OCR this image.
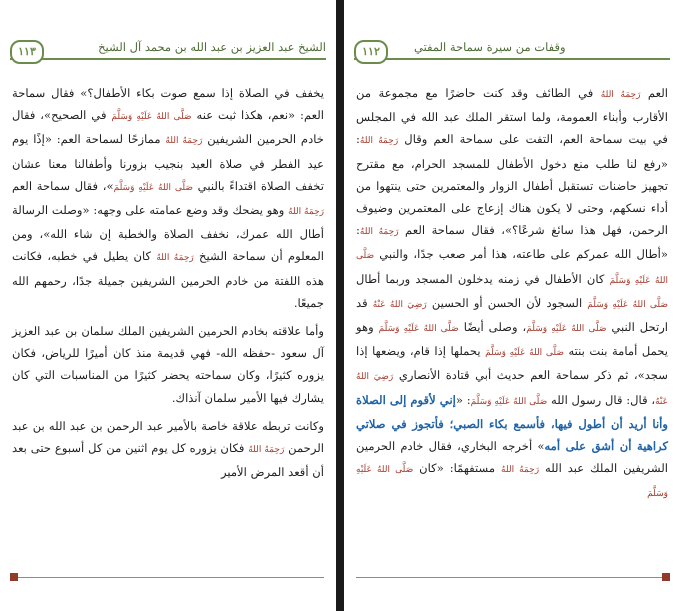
١١٣	الشيخ عبد العزيز بن عبد الله بن محمد آل الشيخ

يخفف في الصلاة إذا سمع صوت بكاء الأطفال؟» فقال سماحة العم: «نعم، هكذا ثبت عنه صَلَّى اللهُ عَلَيْهِ وَسَلَّمَ في الصحيح»، فقال خادم الحرمين الشريفين رَحِمَهُ اللهُ ممازحًا لسماحة العم: «إذًا يوم عيد الفطر في صلاة العيد بنجيب بزورنا وأطفالنا معنا عشان تخفف الصلاة اقتداءً بالنبي صَلَّى اللهُ عَلَيْهِ وَسَلَّمَ»، فقال سماحة العم رَحِمَهُ اللهُ وهو يضحك وقد وضع عمامته على وجهه: «وصلت الرسالة أطال الله عمرك، نخفف الصلاة والخطبة إن شاء الله»، ومن المعلوم أن سماحة الشيخ رَحِمَهُ اللهُ كان يطيل في خطبه، فكانت هذه اللفتة من خادم الحرمين الشريفين جميلة جدًا، رحمهم الله جميعًا.

وأما علاقته بخادم الحرمين الشريفين الملك سلمان بن عبد العزيز آل سعود -حفظه الله- فهي قديمة منذ كان أميرًا للرياض، فكان يزوره كثيرًا، وكان سماحته يحضر كثيرًا من المناسبات التي كان يشارك فيها الأمير سلمان آنذاك.

وكانت تربطه علاقة خاصة بالأمير عبد الرحمن بن عبد الله بن عبد الرحمن رَحِمَهُ اللهُ فكان يزوره كل يوم اثنين من كل أسبوع حتى بعد أن أقعد المرض الأمير

١١٢	وقفات من سيرة سماحة المفتي

العم رَحِمَهُ اللهُ في الطائف وقد كنت حاضرًا مع مجموعة من الأقارب وأبناء العمومة، ولما استقر الملك عبد الله في المجلس في بيت سماحة العم، التفت على سماحة العم وقال رَحِمَهُ اللهُ: «رفع لنا طلب منع دخول الأطفال للمسجد الحرام، مع مقترح تجهيز حاضنات تستقبل أطفال الزوار والمعتمرين حتى ينتهوا من أداء نسكهم، وحتى لا يكون هناك إزعاج على المعتمرين وضيوف الرحمن، فهل هذا سائغ شرعًا؟»، فقال سماحة العم رَحِمَهُ اللهُ: «أطال الله عمركم على طاعته، هذا أمر صعب جدًا، والنبي صَلَّى اللهُ عَلَيْهِ وَسَلَّمَ كان الأطفال في زمنه يدخلون المسجد وربما أطال صَلَّى اللهُ عَلَيْهِ وَسَلَّمَ السجود لأن الحسن أو الحسين رَضِيَ اللهُ عَنْهُ قد ارتحل النبي صَلَّى اللهُ عَلَيْهِ وَسَلَّمَ، وصلى أيضًا صَلَّى اللهُ عَلَيْهِ وَسَلَّمَ وهو يحمل أمامة بنت بنته صَلَّى اللهُ عَلَيْهِ وَسَلَّمَ يحملها إذا قام، ويضعها إذا سجد»، ثم ذكر سماحة العم حديث أبي قتادة الأنصاري رَضِيَ اللهُ عَنْهُ، قال: قال رسول الله صَلَّى اللهُ عَلَيْهِ وَسَلَّمَ: «إني لأقوم إلى الصلاة وأنا أريد أن أطول فيها، فأسمع بكاء الصبي؛ فأتجوز في صلاتي كراهية أن أشق على أمه» أخرجه البخاري، فقال خادم الحرمين الشريفين الملك عبد الله رَحِمَهُ اللهُ مستفهمًا: «كان صَلَّى اللهُ عَلَيْهِ وَسَلَّمَ
